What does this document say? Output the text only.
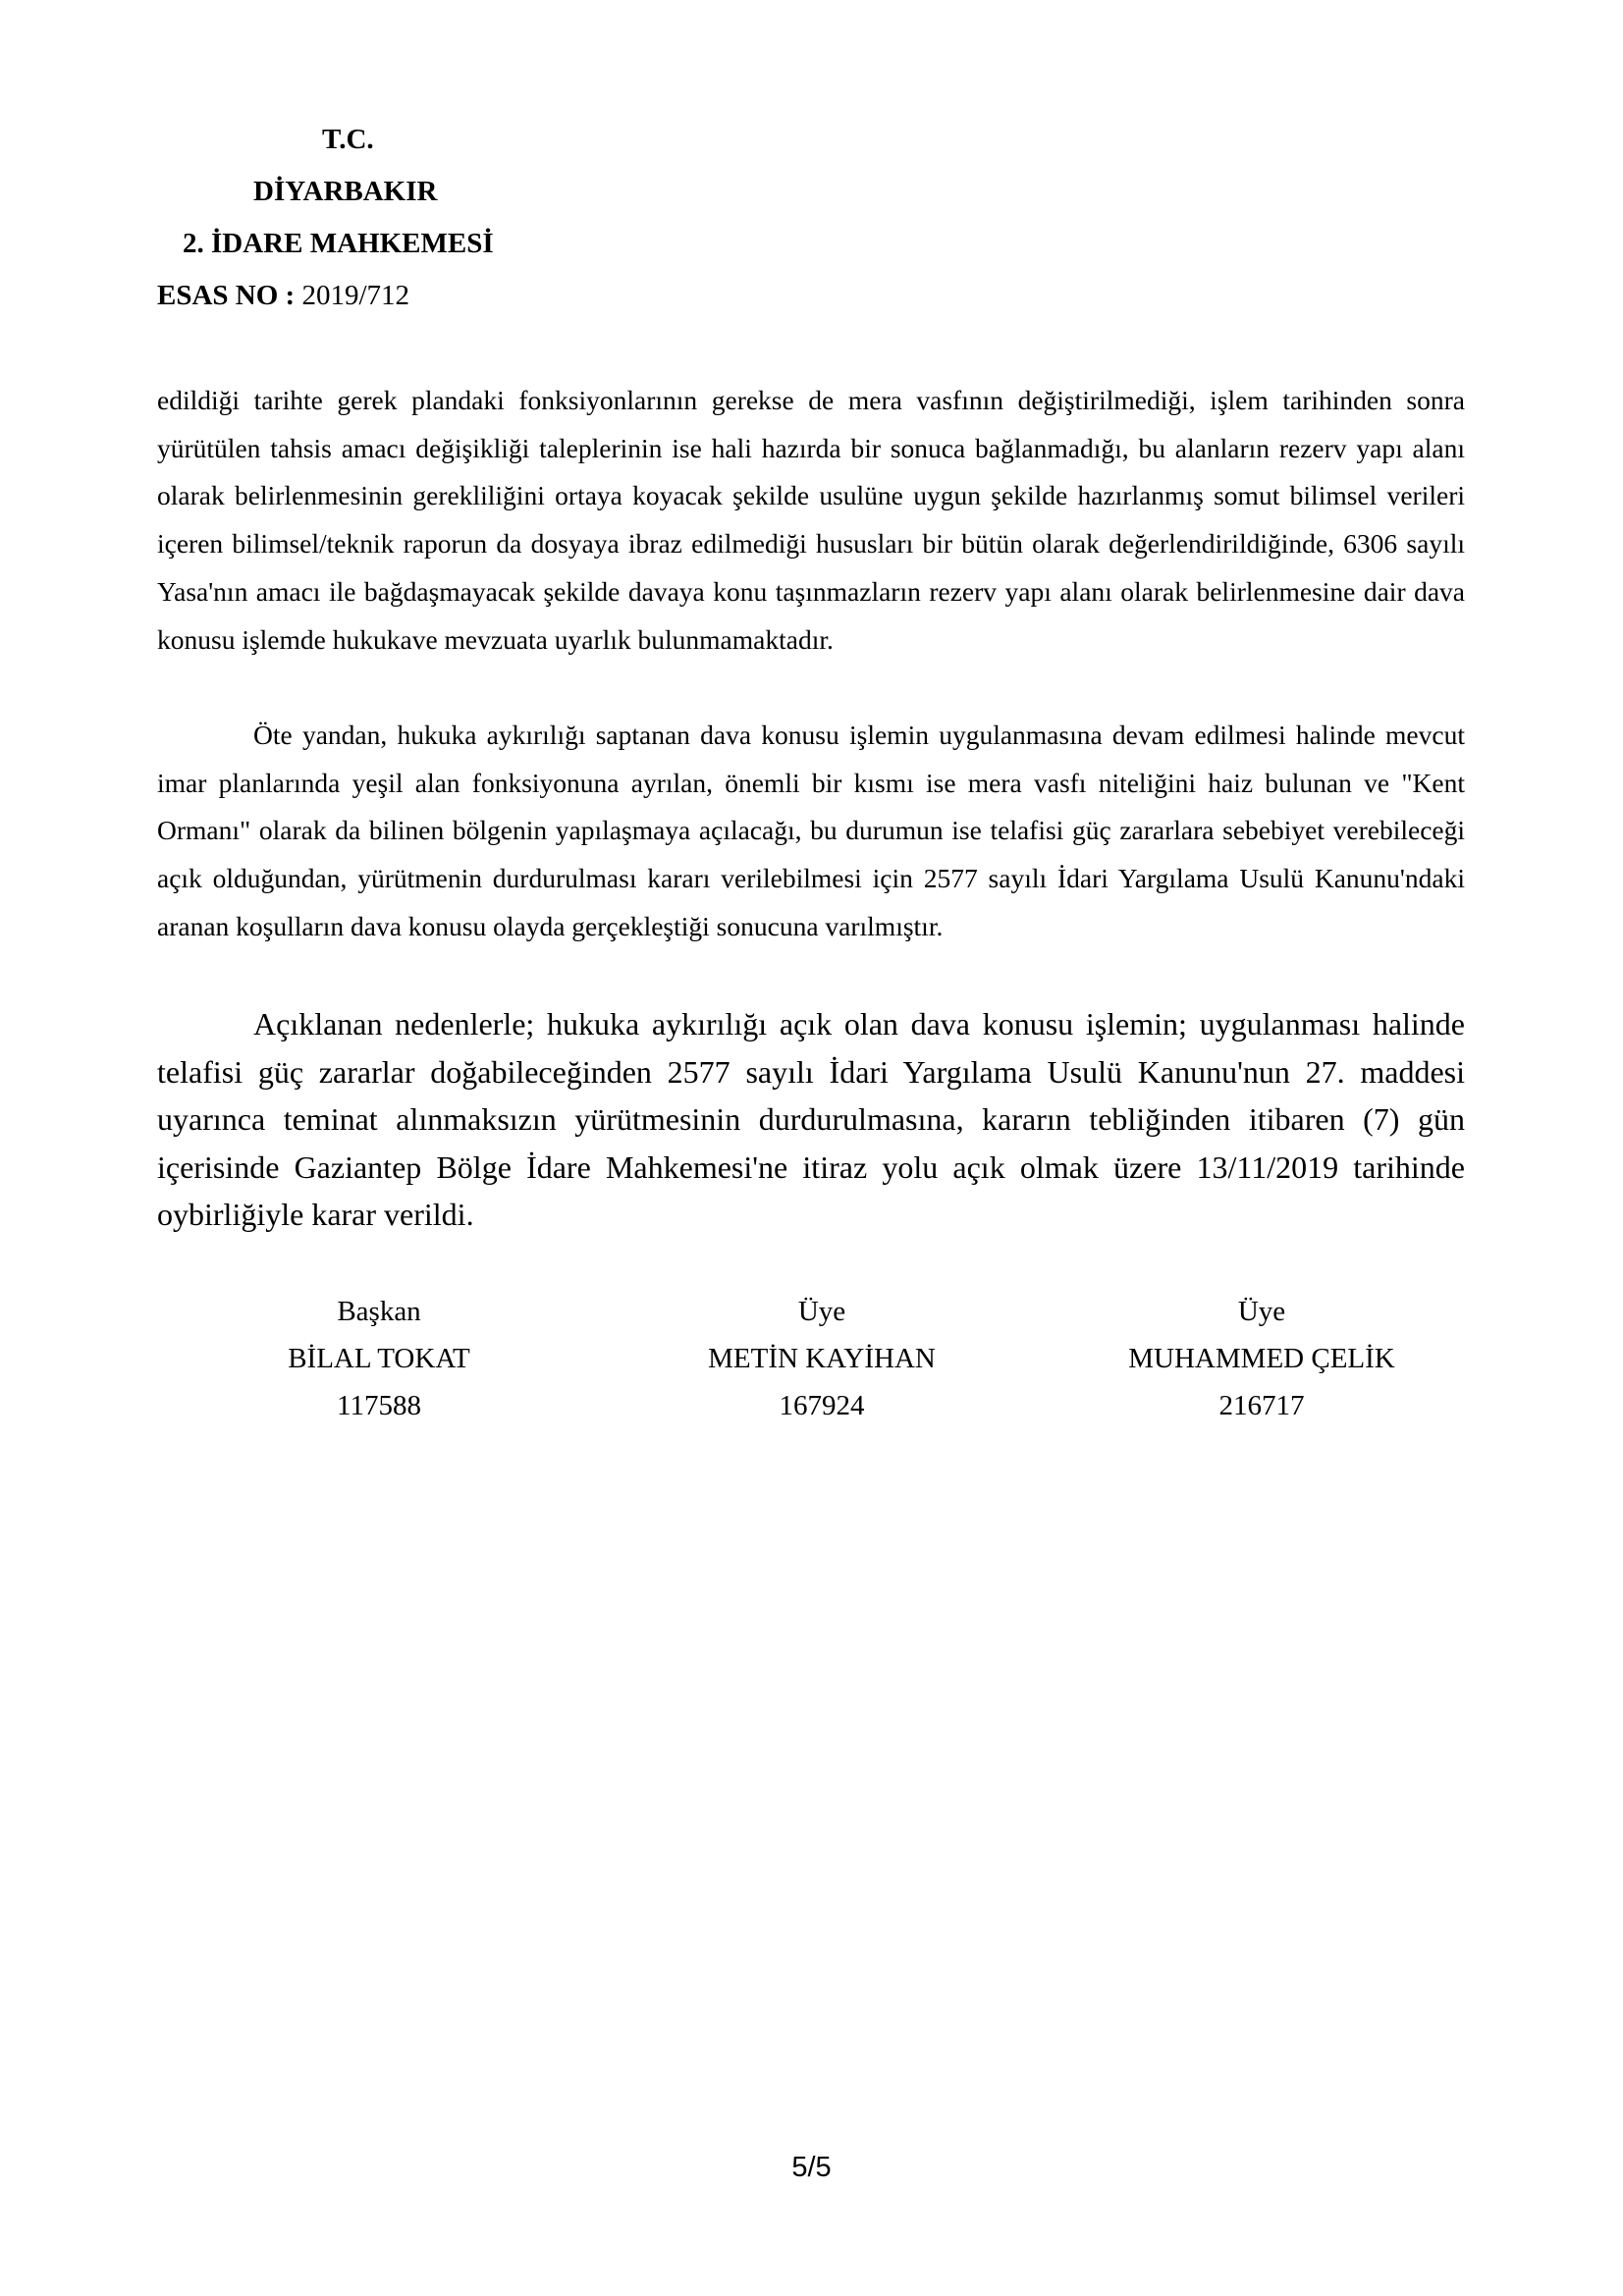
T.C.
DİYARBAKIR
2. İDARE MAHKEMESİ
ESAS NO : 2019/712

edildiği tarihte gerek plandaki fonksiyonlarının gerekse de mera vasfının değiştirilmediği, işlem tarihinden sonra yürütülen tahsis amacı değişikliği taleplerinin ise hali hazırda bir sonuca bağlanmadığı, bu alanların rezerv yapı alanı olarak belirlenmesinin gerekliliğini ortaya koyacak şekilde usulüne uygun şekilde hazırlanmış somut bilimsel verileri içeren bilimsel/teknik raporun da dosyaya ibraz edilmediği hususları bir bütün olarak değerlendirildiğinde, 6306 sayılı Yasa'nın amacı ile bağdaşmayacak şekilde davaya konu taşınmazların rezerv yapı alanı olarak belirlenmesine dair dava konusu işlemde hukukave mevzuata uyarlık bulunmamaktadır.

Öte yandan, hukuka aykırılığı saptanan dava konusu işlemin uygulanmasına devam edilmesi halinde mevcut imar planlarında yeşil alan fonksiyonuna ayrılan, önemli bir kısmı ise mera vasfı niteliğini haiz bulunan ve "Kent Ormanı" olarak da bilinen bölgenin yapılaşmaya açılacağı, bu durumun ise telafisi güç zararlara sebebiyet verebileceği açık olduğundan, yürütmenin durdurulması kararı verilebilmesi için 2577 sayılı İdari Yargılama Usulü Kanunu'ndaki aranan koşulların dava konusu olayda gerçekleştiği sonucuna varılmıştır.

Açıklanan nedenlerle; hukuka aykırılığı açık olan dava konusu işlemin; uygulanması halinde telafisi güç zararlar doğabileceğinden 2577 sayılı İdari Yargılama Usulü Kanunu'nun 27. maddesi uyarınca teminat alınmaksızın yürütmesinin durdurulmasına, kararın tebliğinden itibaren (7) gün içerisinde Gaziantep Bölge İdare Mahkemesi'ne itiraz yolu açık olmak üzere 13/11/2019 tarihinde oybirliğiyle karar verildi.

Başkan
BİLAL TOKAT
117588
Üye
METİN KAYİHAN
167924
Üye
MUHAMMED ÇELİK
216717
5/5
